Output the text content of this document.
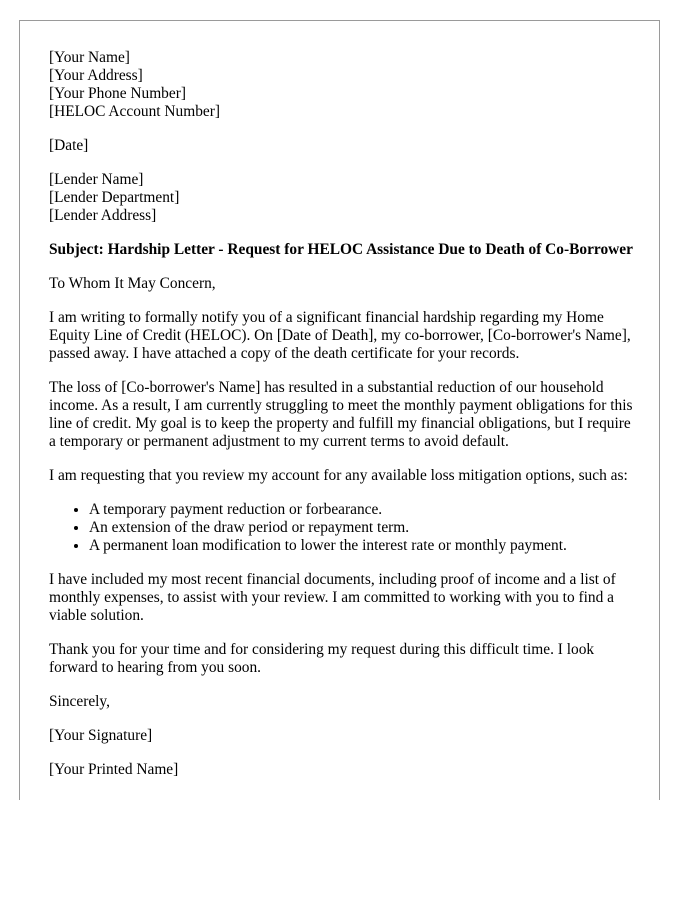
[Your Name]
[Your Address]
[Your Phone Number]
[HELOC Account Number]
[Date]
[Lender Name]
[Lender Department]
[Lender Address]

Subject: Hardship Letter - Request for HELOC Assistance Due to Death of Co-Borrower

To Whom It May Concern,

I am writing to formally notify you of a significant financial hardship regarding my Home Equity Line of Credit (HELOC). On [Date of Death], my co-borrower, [Co-borrower's Name], passed away. I have attached a copy of the death certificate for your records.

The loss of [Co-borrower's Name] has resulted in a substantial reduction of our household income. As a result, I am currently struggling to meet the monthly payment obligations for this line of credit. My goal is to keep the property and fulfill my financial obligations, but I require a temporary or permanent adjustment to my current terms to avoid default.

I am requesting that you review my account for any available loss mitigation options, such as:

• A temporary payment reduction or forbearance.
• An extension of the draw period or repayment term.
• A permanent loan modification to lower the interest rate or monthly payment.

I have included my most recent financial documents, including proof of income and a list of monthly expenses, to assist with your review. I am committed to working with you to find a viable solution.

Thank you for your time and for considering my request during this difficult time. I look forward to hearing from you soon.

Sincerely,

[Your Signature]

[Your Printed Name]
